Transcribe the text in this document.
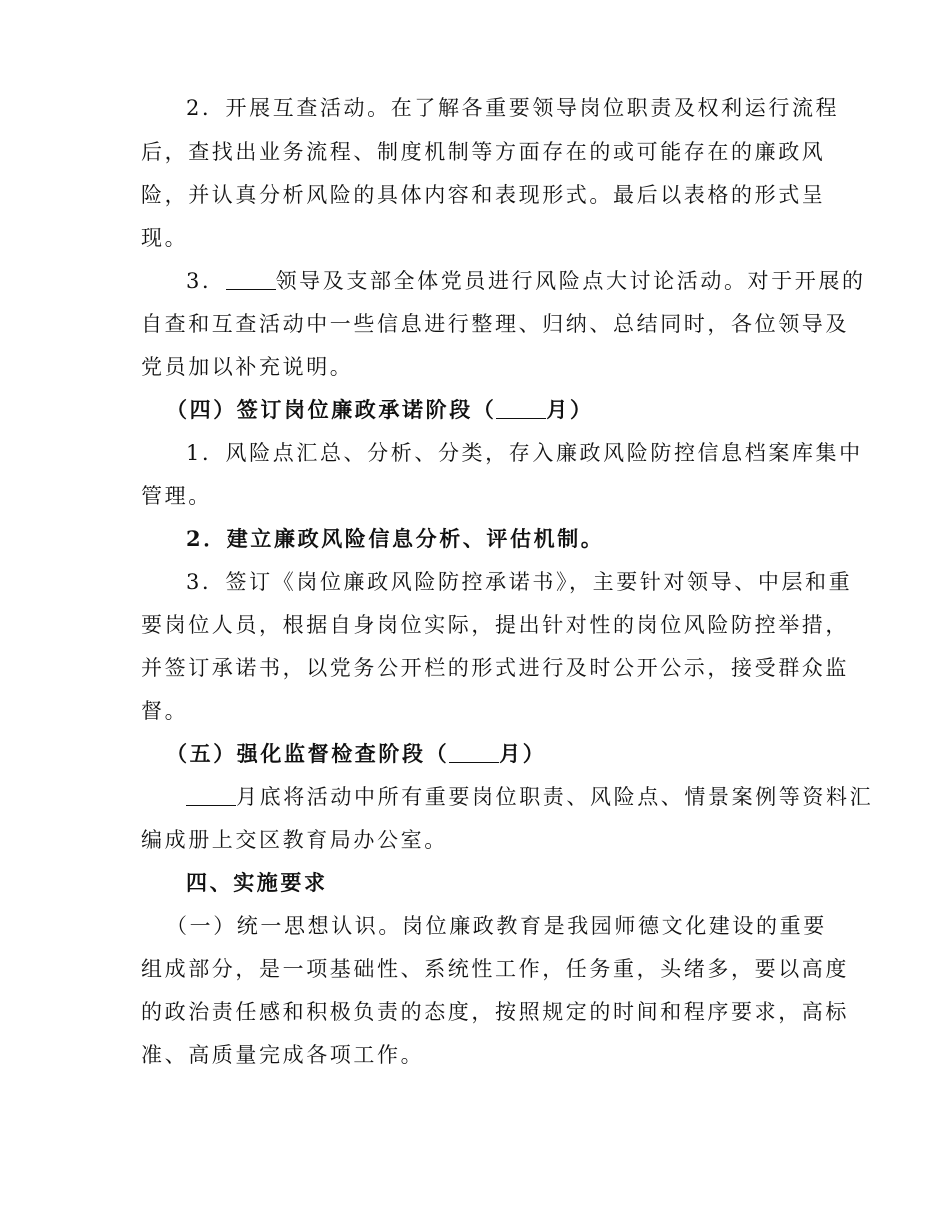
2．开展互查活动。在了解各重要领导岗位职责及权利运行流程
后，查找出业务流程、制度机制等方面存在的或可能存在的廉政风
险，并认真分析风险的具体内容和表现形式。最后以表格的形式呈
现。
3． 领导及支部全体党员进行风险点大讨论活动。对于开展的
自查和互查活动中一些信息进行整理、归纳、总结同时，各位领导及
党员加以补充说明。
（四）签订岗位廉政承诺阶段（ 月）
1．风险点汇总、分析、分类，存入廉政风险防控信息档案库集中
管理。
2．建立廉政风险信息分析、评估机制。
3．签订《岗位廉政风险防控承诺书》，主要针对领导、中层和重
要岗位人员，根据自身岗位实际，提出针对性的岗位风险防控举措，
并签订承诺书，以党务公开栏的形式进行及时公开公示，接受群众监
督。
（五）强化监督检查阶段（ 月）
月底将活动中所有重要岗位职责、风险点、情景案例等资料汇
编成册上交区教育局办公室。
四、实施要求
（一）统一思想认识。岗位廉政教育是我园师德文化建设的重要
组成部分，是一项基础性、系统性工作，任务重，头绪多，要以高度
的政治责任感和积极负责的态度，按照规定的时间和程序要求，高标
准、高质量完成各项工作。
